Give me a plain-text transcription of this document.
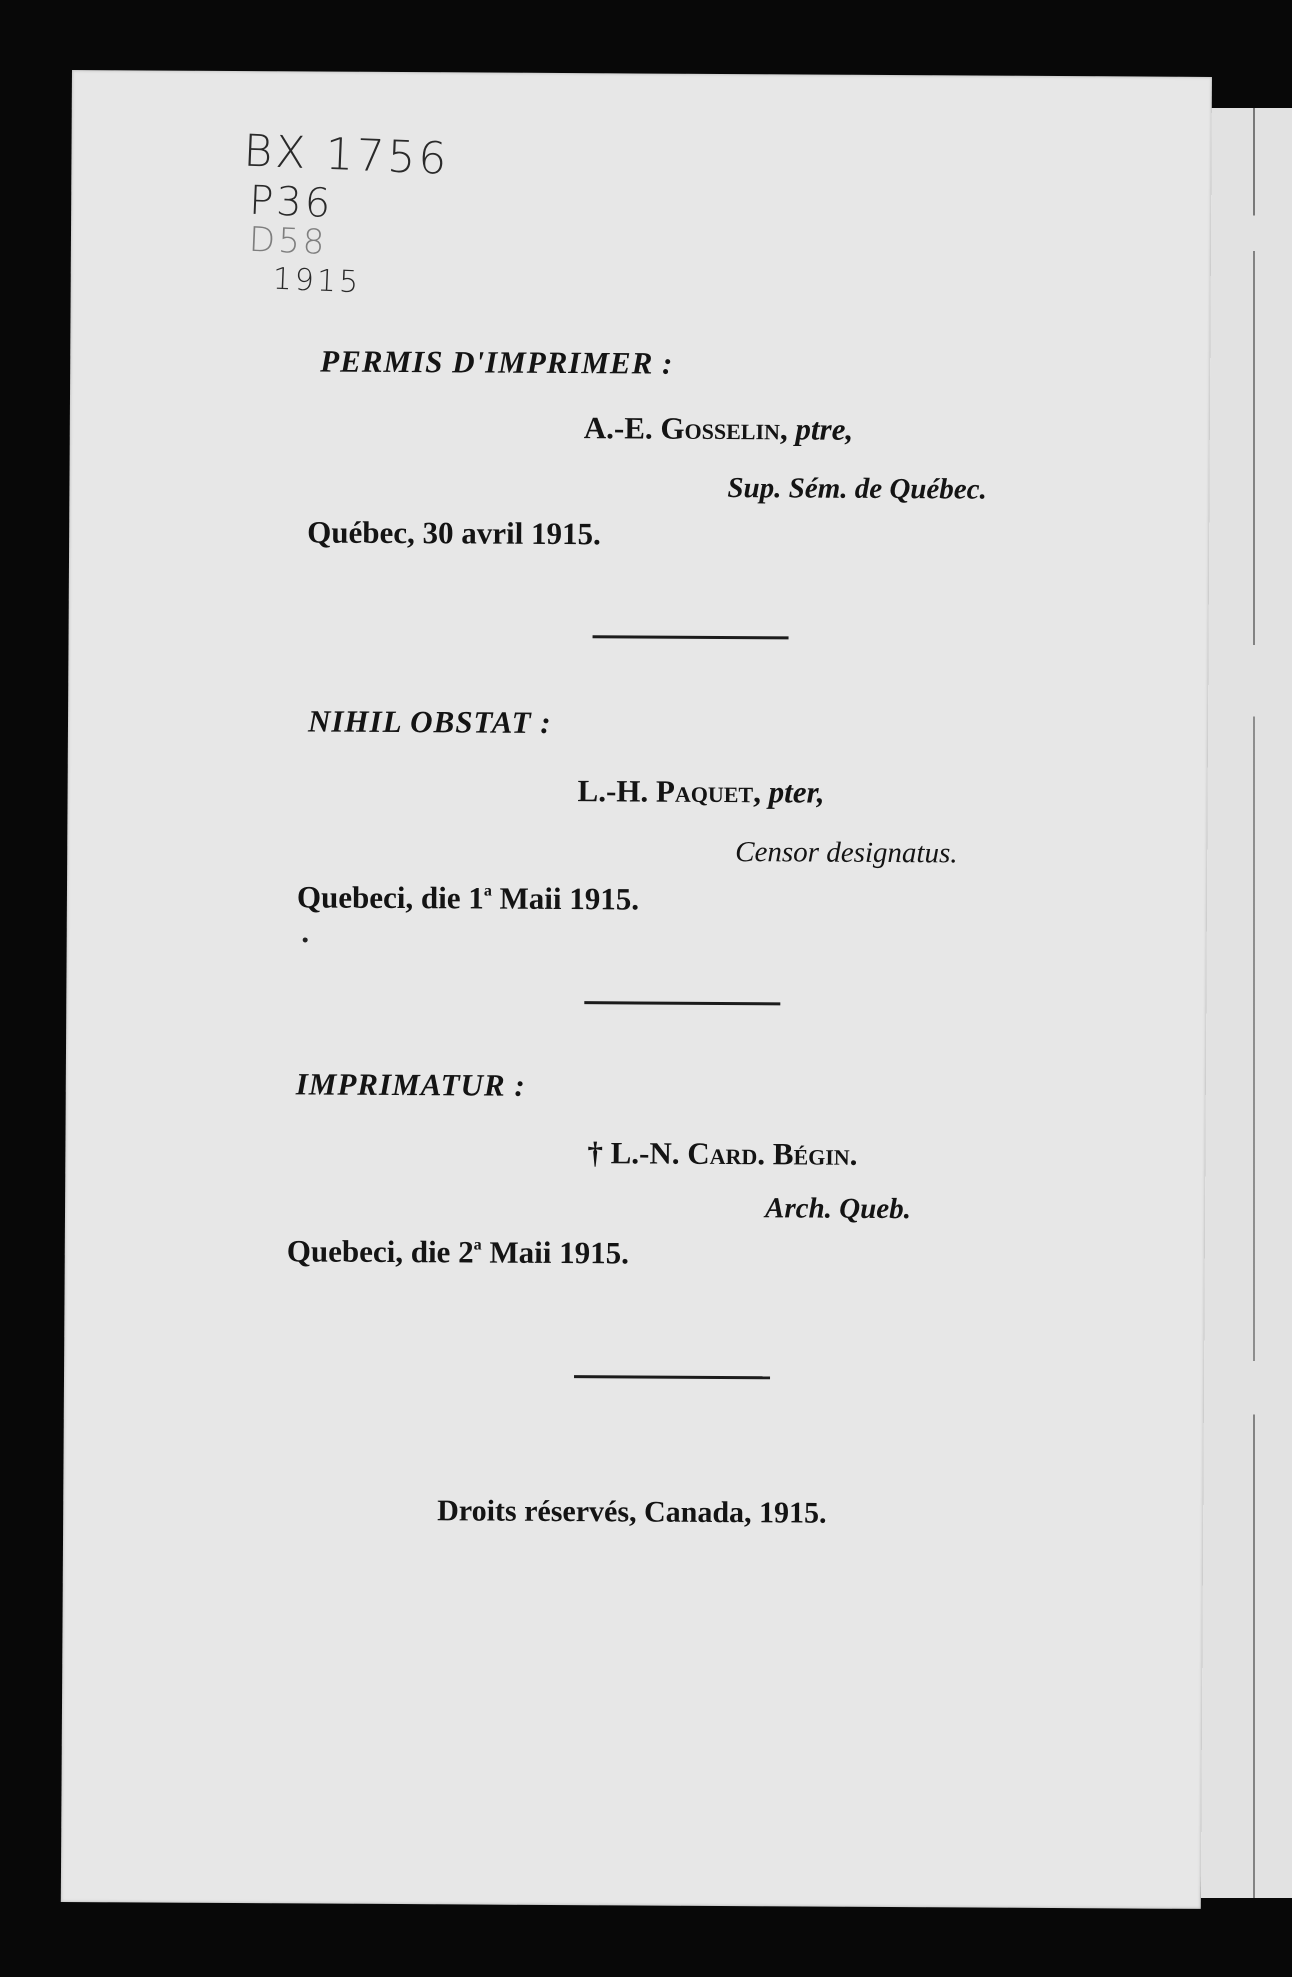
BX 1756
P36
D58
1915
PERMIS D'IMPRIMER :
A.-E. Gosselin, ptre,
Sup. Sém. de Québec.
Québec, 30 avril 1915.
NIHIL OBSTAT :
L.-H. Paquet, pter,
Censor designatus.
Quebeci, die 1$^a$ Maii 1915.
IMPRIMATUR :
† L.-N. Card. Bégin.
Arch. Queb.
Quebeci, die 2$^a$ Maii 1915.
Droits réservés, Canada, 1915.
